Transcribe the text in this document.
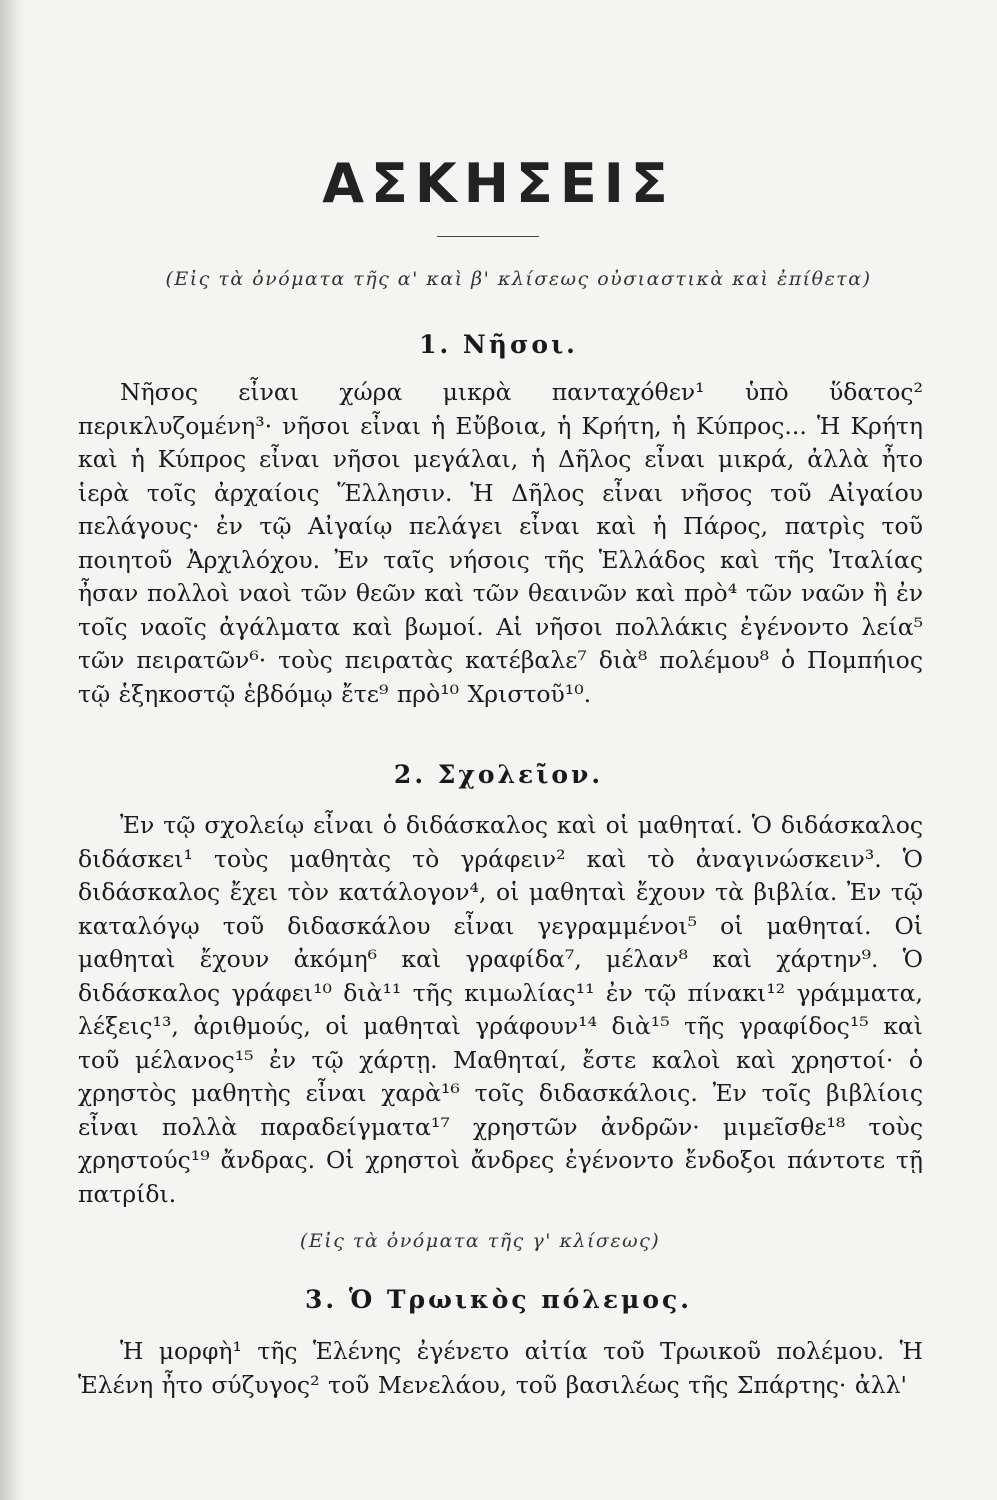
ΑΣΚΗΣΕΙΣ
(Εἰς τὰ ὀνόματα τῆς α' καὶ β' κλίσεως οὐσιαστικὰ καὶ ἐπίθετα)
1. Νῆσοι.
Νῆσος εἶναι χώρα μικρὰ πανταχόθεν¹ ὑπὸ ὕδατος² περικλυζομένη³· νῆσοι εἶναι ἡ Εὔβοια, ἡ Κρήτη, ἡ Κύπρος... Ἡ Κρήτη καὶ ἡ Κύπρος εἶναι νῆσοι μεγάλαι, ἡ Δῆλος εἶναι μικρά, ἀλλὰ ἦτο ἱερὰ τοῖς ἀρχαίοις Ἕλλησιν. Ἡ Δῆλος εἶναι νῆσος τοῦ Αἰγαίου πελάγους· ἐν τῷ Αἰγαίῳ πελάγει εἶναι καὶ ἡ Πάρος, πατρὶς τοῦ ποιητοῦ Ἀρχιλόχου. Ἐν ταῖς νήσοις τῆς Ἑλλάδος καὶ τῆς Ἰταλίας ἦσαν πολλοὶ ναοὶ τῶν θεῶν καὶ τῶν θεαινῶν καὶ πρὸ⁴ τῶν ναῶν ἢ ἐν τοῖς ναοῖς ἀγάλματα καὶ βωμοί. Αἱ νῆσοι πολλάκις ἐγένοντο λεία⁵ τῶν πειρατῶν⁶· τοὺς πειρατὰς κατέβαλε⁷ διὰ⁸ πολέμου⁸ ὁ Πομπήιος τῷ ἑξηκοστῷ ἑβδόμῳ ἔτε⁹ πρὸ¹⁰ Χριστοῦ¹⁰.
2. Σχολεῖον.
Ἐν τῷ σχολείῳ εἶναι ὁ διδάσκαλος καὶ οἱ μαθηταί. Ὁ διδάσκαλος διδάσκει¹ τοὺς μαθητὰς τὸ γράφειν² καὶ τὸ ἀναγινώσκειν³. Ὁ διδάσκαλος ἔχει τὸν κατάλογον⁴, οἱ μαθηταὶ ἔχουν τὰ βιβλία. Ἐν τῷ καταλόγῳ τοῦ διδασκάλου εἶναι γεγραμμένοι⁵ οἱ μαθηταί. Οἱ μαθηταὶ ἔχουν ἀκόμη⁶ καὶ γραφίδα⁷, μέλαν⁸ καὶ χάρτην⁹. Ὁ διδάσκαλος γράφει¹⁰ διὰ¹¹ τῆς κιμωλίας¹¹ ἐν τῷ πίνακι¹² γράμματα, λέξεις¹³, ἀριθμούς, οἱ μαθηταὶ γράφουν¹⁴ διὰ¹⁵ τῆς γραφίδος¹⁵ καὶ τοῦ μέλανος¹⁵ ἐν τῷ χάρτῃ. Μαθηταί, ἔστε καλοὶ καὶ χρηστοί· ὁ χρηστὸς μαθητὴς εἶναι χαρὰ¹⁶ τοῖς διδασκάλοις. Ἐν τοῖς βιβλίοις εἶναι πολλὰ παραδείγματα¹⁷ χρηστῶν ἀνδρῶν· μιμεῖσθε¹⁸ τοὺς χρηστούς¹⁹ ἄνδρας. Οἱ χρηστοὶ ἄνδρες ἐγένοντο ἔνδοξοι πάντοτε τῇ πατρίδι.
(Εἰς τὰ ὀνόματα τῆς γ' κλίσεως)
3. Ὁ Τρωικὸς πόλεμος.
Ἡ μορφὴ¹ τῆς Ἑλένης ἐγένετο αἰτία τοῦ Τρωικοῦ πολέμου. Ἡ Ἑλένη ἦτο σύζυγος² τοῦ Μενελάου, τοῦ βασιλέως τῆς Σπάρτης· ἀλλ'
